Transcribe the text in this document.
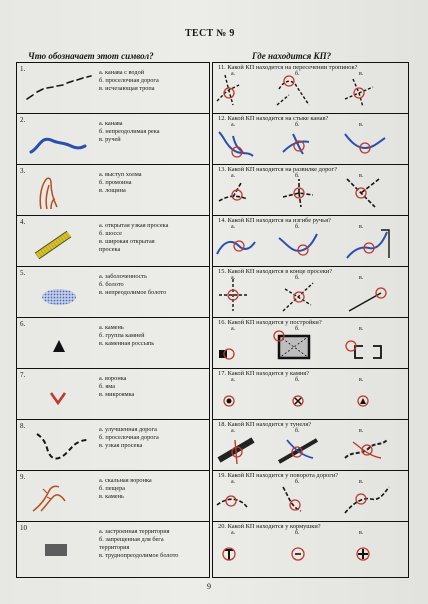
ТЕСТ № 9
Что обозначает этот символ?	Где находится КП?
1.	а. канава с водой
б. проселочная дорога
в. исчезающая тропа
2.	а. канава
б. непреодолимая река
в. ручей
3.	а. выступ холма
б. промоина
в. лощина
4.	а. открытая узкая просека
б. шоссе
в. широкая открытая
просека
5.	а. заболоченность
б. болото
в. непреодолимое болото
6.	а. камень
б. группа камней
в. каменная россыпь
7.	а. воронка
б. яма
в. микроямка
8.	а. улучшенная дорога
б. проселочная дорога
в. узкая просека
9.	а. скальная воронка
б. пещера
в. камень
10	а. застроенная территория
б. запрещенная для бега
территория
в. труднопреодолимое болото
11. Какой КП находится на пересечении тропинок?
а.	б.	в.
12. Какой КП находится на стыке канав?
а.	б.	в.
13. Какой КП находится на развилке дорог?
а.	б.	в.
14. Какой КП находится на изгибе ручья?
а.	б.	в.
15. Какой КП находится в конце просеки?
а.	б.	в.
16. Какой КП находится у постройки?
а.	б.	в.
17. Какой КП находится у камня?
а.	б.	в.
18. Какой КП находится у тунеля?
а.	б.	в.
19. Какой КП находится у поворота дороги?
а.	б.	в.
20. Какой КП находится у кормушки?
а.	б.	в.
9
